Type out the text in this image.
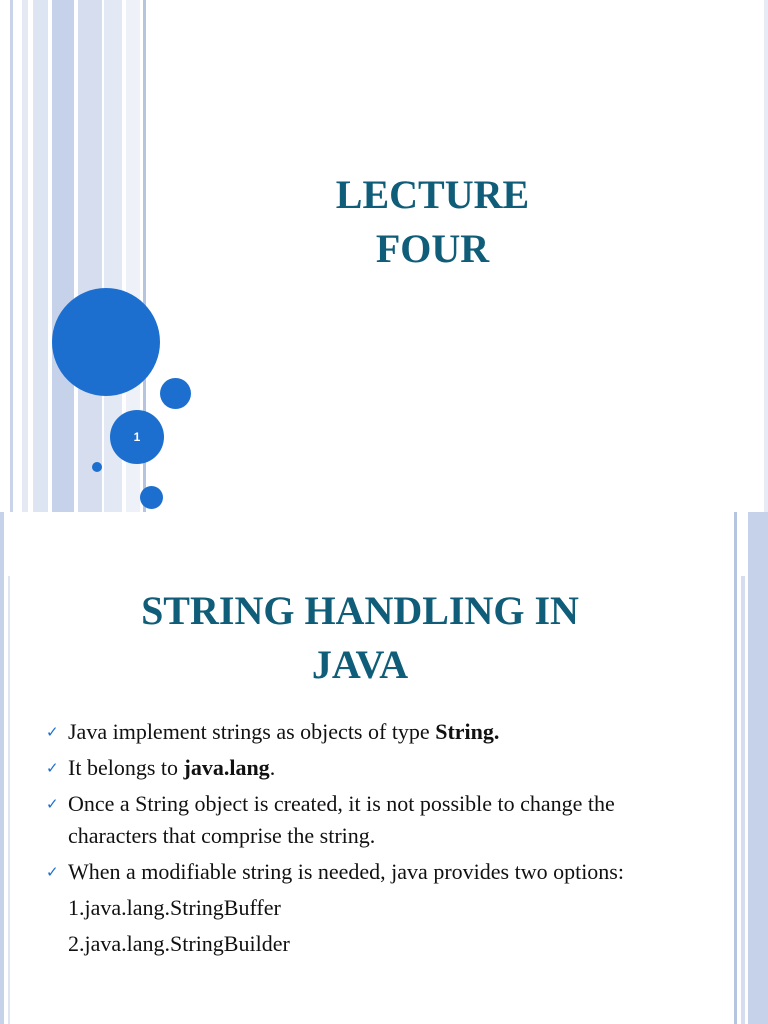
1
LECTURE
FOUR
STRING HANDLING IN
JAVA
✓ Java implement strings as objects of type String.
✓ It belongs to java.lang.
✓ Once a String object is created, it is not possible to change the characters that comprise the string.
✓ When a modifiable string is needed, java provides two options:
1.java.lang.StringBuffer
2.java.lang.StringBuilder
